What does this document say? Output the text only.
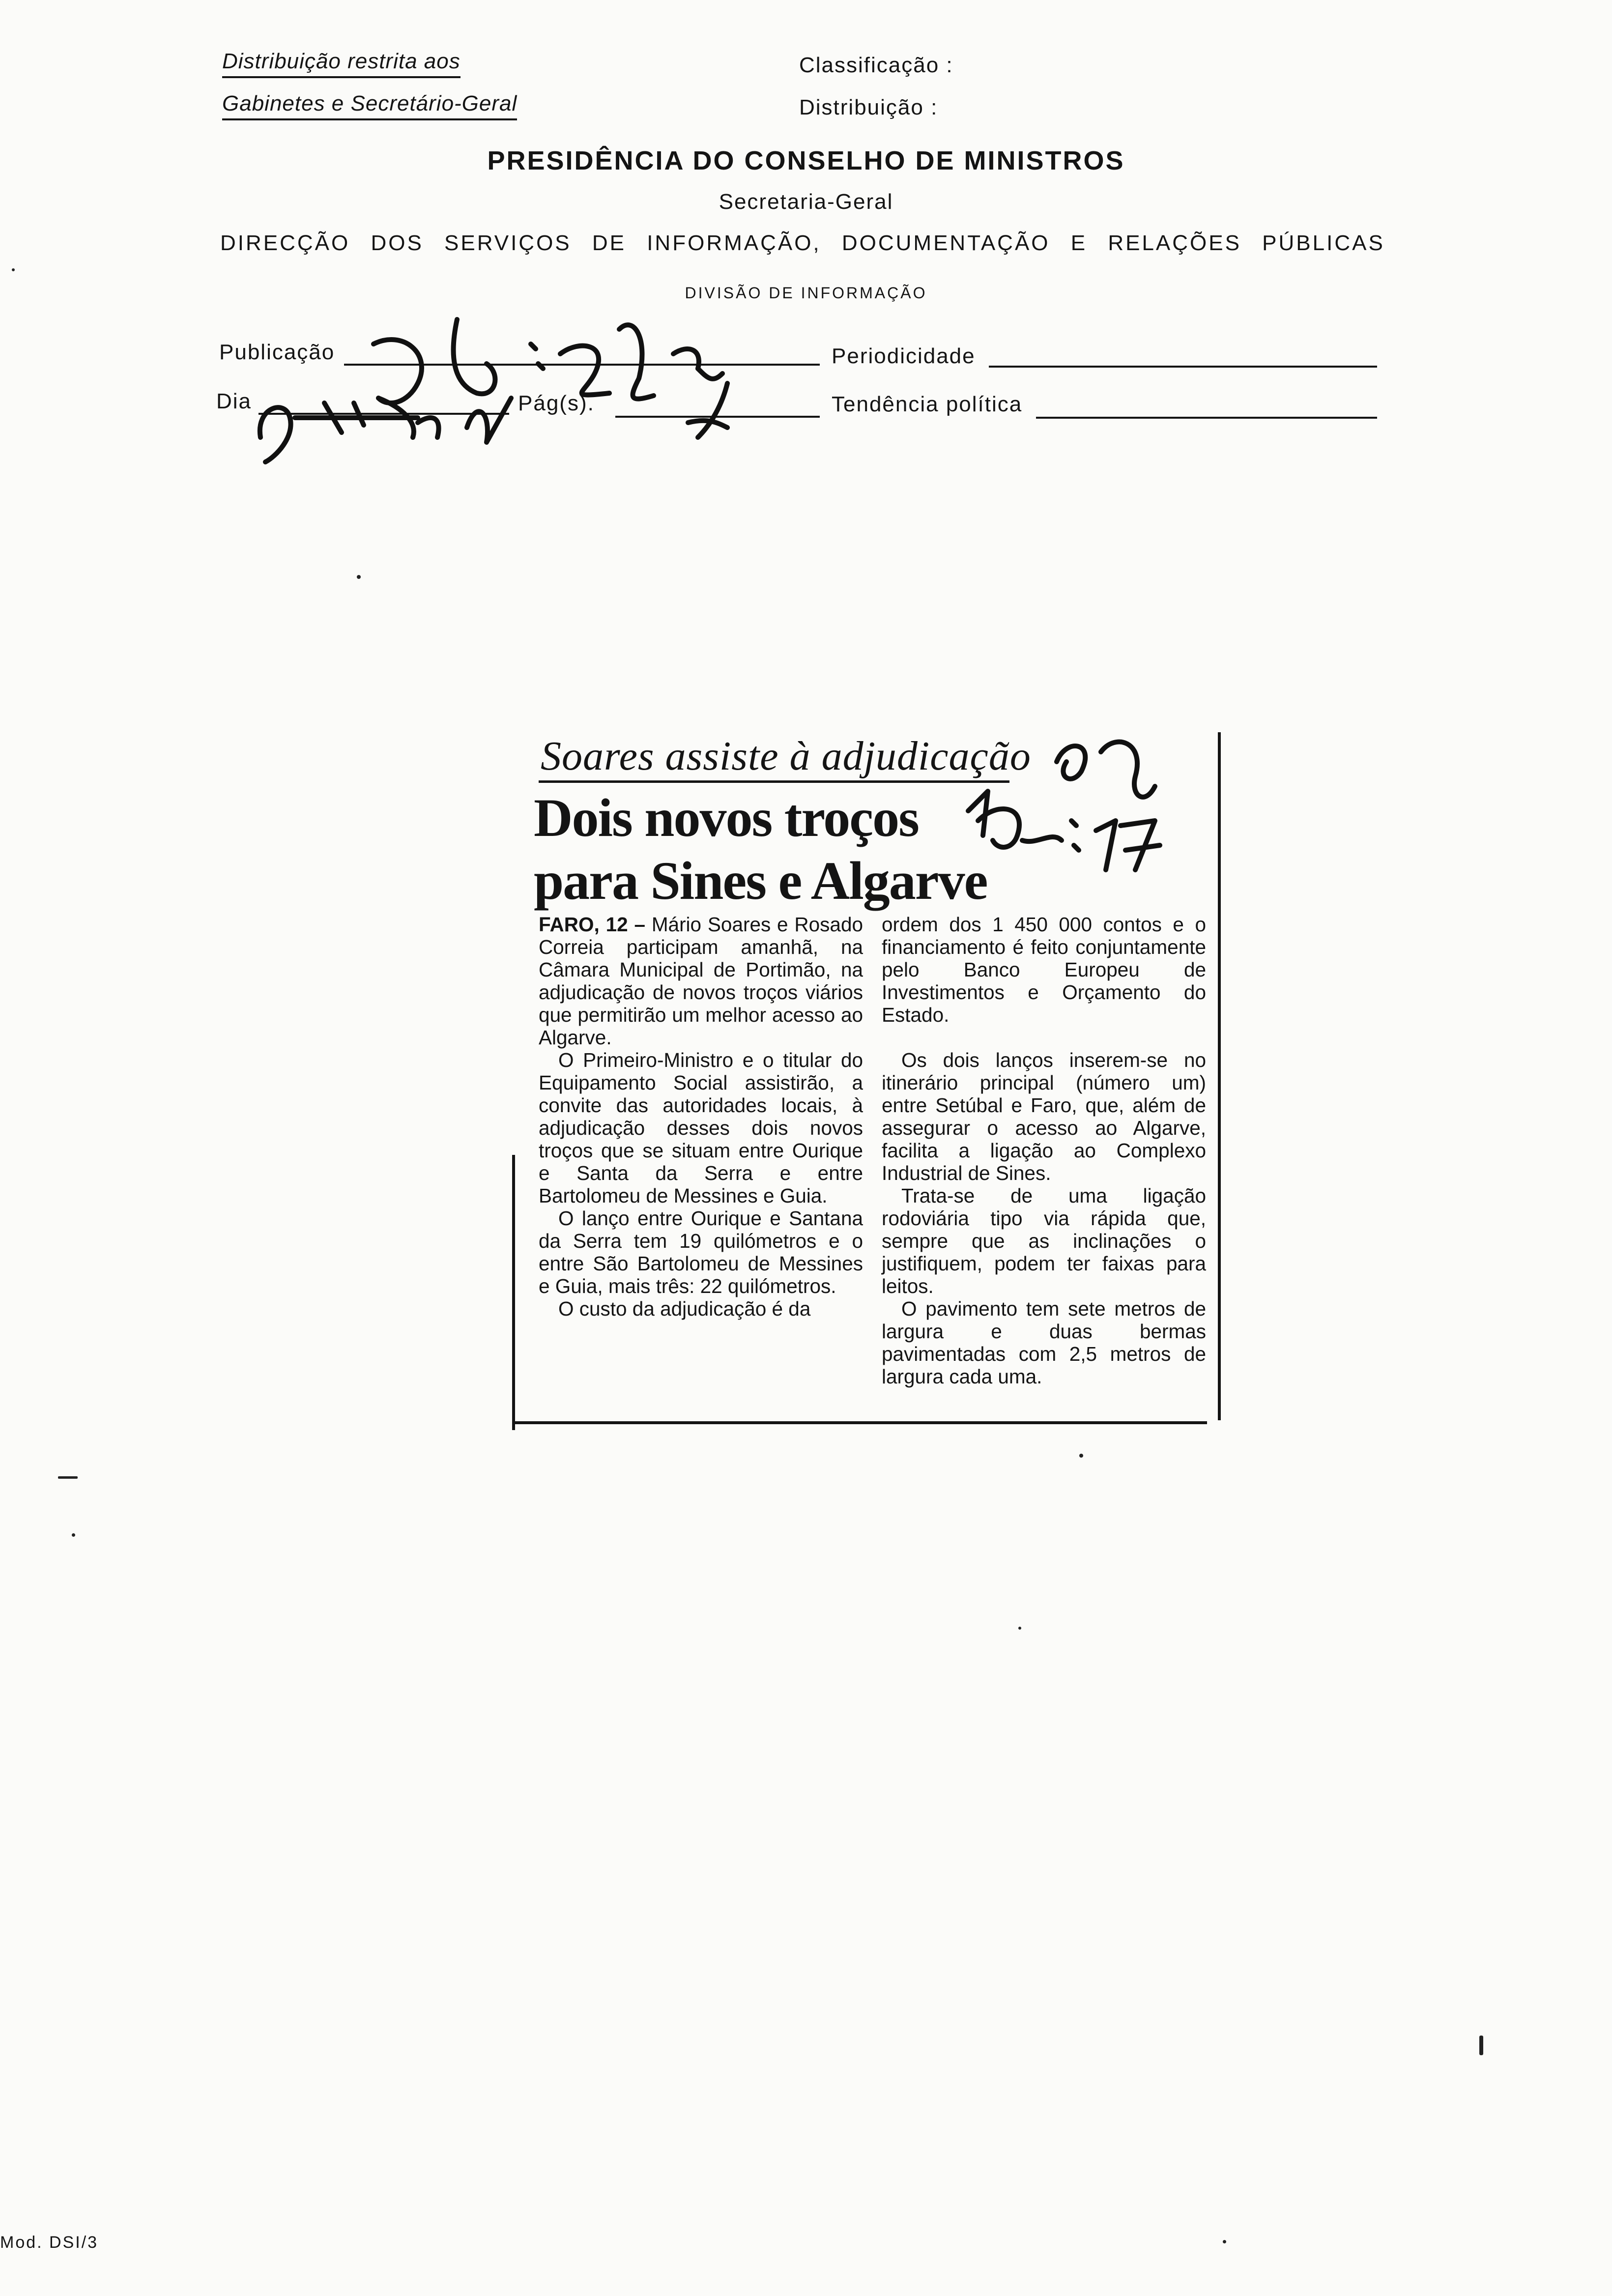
Distribuição restrita aos
Gabinetes e Secretário-Geral
Classificação :
Distribuição :
PRESIDÊNCIA DO CONSELHO DE MINISTROS
Secretaria-Geral
DIRECÇÃO DOS SERVIÇOS DE INFORMAÇÃO, DOCUMENTAÇÃO E RELAÇÕES PÚBLICAS
DIVISÃO DE INFORMAÇÃO
Publicação	Periodicidade
Dia	Pág(s).	Tendência política
Soares assiste à adjudicação
Dois novos troços
para Sines e Algarve

FARO, 12 – Mário Soares e Rosado Correia participam amanhã, na Câmara Municipal de Portimão, na adjudicação de novos troços viários que permitirão um melhor acesso ao Algarve.

O Primeiro-Ministro e o titular do Equipamento Social assistirão, a convite das autoridades locais, à adjudicação desses dois novos troços que se situam entre Ourique e Santa da Serra e entre Bartolomeu de Messines e Guia.

O lanço entre Ourique e Santana da Serra tem 19 quilómetros e o entre São Bartolomeu de Messines e Guia, mais três: 22 quilómetros.

O custo da adjudicação é da

ordem dos 1 450 000 contos e o financiamento é feito conjuntamente pelo Banco Europeu de Investimentos e Orçamento do Estado.

Os dois lanços inserem-se no itinerário principal (número um) entre Setúbal e Faro, que, além de assegurar o acesso ao Algarve, facilita a ligação ao Complexo Industrial de Sines.

Trata-se de uma ligação rodoviária tipo via rápida que, sempre que as inclinações o justifiquem, podem ter faixas para leitos.

O pavimento tem sete metros de largura e duas bermas pavimentadas com 2,5 metros de largura cada uma.

Mod. DSI/3
